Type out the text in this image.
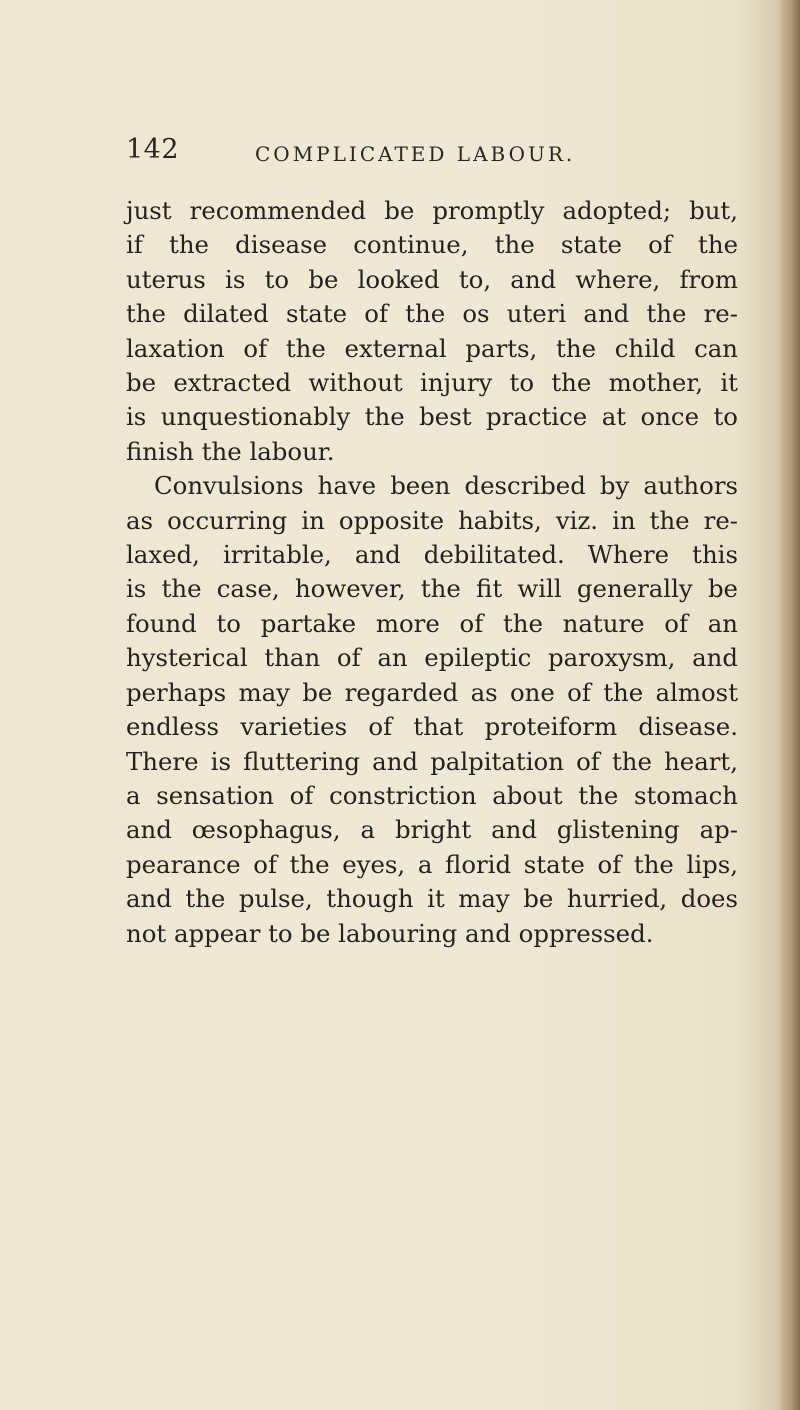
142	COMPLICATED LABOUR.
just recommended be promptly adopted; but,
if the disease continue, the state of the
uterus is to be looked to, and where, from
the dilated state of the os uteri and the re-
laxation of the external parts, the child can
be extracted without injury to the mother, it
is unquestionably the best practice at once to
finish the labour.
Convulsions have been described by authors
as occurring in opposite habits, viz. in the re-
laxed, irritable, and debilitated. Where this
is the case, however, the fit will generally be
found to partake more of the nature of an
hysterical than of an epileptic paroxysm, and
perhaps may be regarded as one of the almost
endless varieties of that proteiform disease.
There is fluttering and palpitation of the heart,
a sensation of constriction about the stomach
and œsophagus, a bright and glistening ap-
pearance of the eyes, a florid state of the lips,
and the pulse, though it may be hurried, does
not appear to be labouring and oppressed.
